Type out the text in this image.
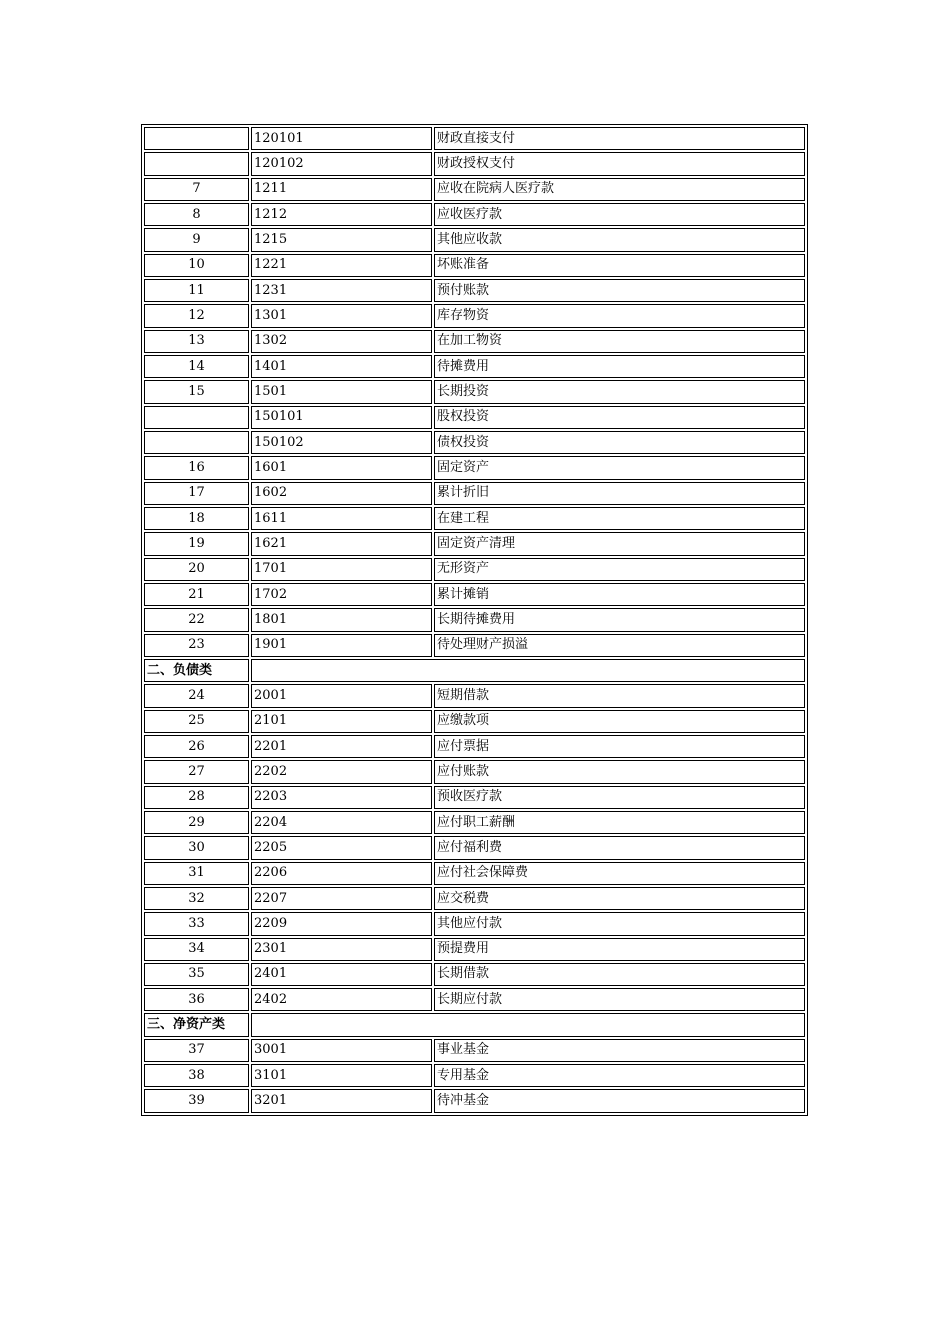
	120101	财政直接支付
	120102	财政授权支付
7	1211	应收在院病人医疗款
8	1212	应收医疗款
9	1215	其他应收款
10	1221	坏账准备
11	1231	预付账款
12	1301	库存物资
13	1302	在加工物资
14	1401	待摊费用
15	1501	长期投资
	150101	股权投资
	150102	债权投资
16	1601	固定资产
17	1602	累计折旧
18	1611	在建工程
19	1621	固定资产清理
20	1701	无形资产
21	1702	累计摊销
22	1801	长期待摊费用
23	1901	待处理财产损溢
二、负债类		
24	2001	短期借款
25	2101	应缴款项
26	2201	应付票据
27	2202	应付账款
28	2203	预收医疗款
29	2204	应付职工薪酬
30	2205	应付福利费
31	2206	应付社会保障费
32	2207	应交税费
33	2209	其他应付款
34	2301	预提费用
35	2401	长期借款
36	2402	长期应付款
三、净资产类		
37	3001	事业基金
38	3101	专用基金
39	3201	待冲基金
